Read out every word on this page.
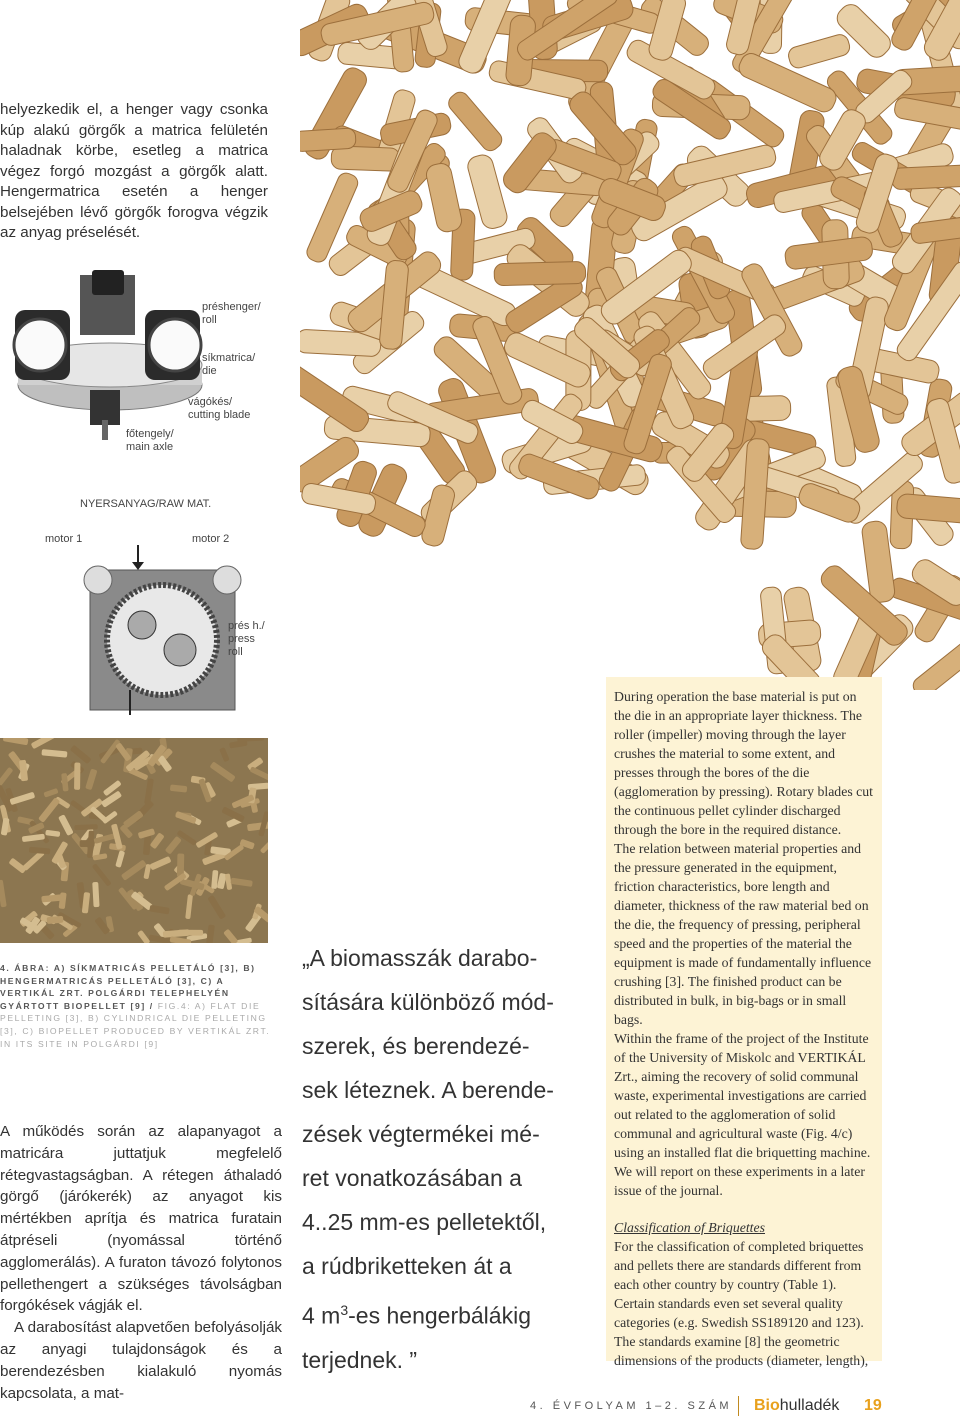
helyezkedik el, a henger vagy csonka kúp alakú görgők a matrica felületén haladnak körbe, esetleg a matrica végez forgó mozgást a görgők alatt. Hengermatrica esetén a henger belsejében lévő görgők forogva végzik az anyag préselését.

préshenger/
roll
síkmatrica/
die
vágókés/
cutting blade
főtengely/
main axle
NYERSANYAG/RAW MAT.
motor 1	motor 2
prés h./
press
roll
4. ÁBRA: A) SÍKMATRICÁS PELLETÁLÓ [3], B) HENGERMATRICÁS PELLETÁLÓ [3], C) A VERTIKÁL ZRT. POLGÁRDI TELEPHELYÉN GYÁRTOTT BIOPELLET [9] / FIG.4: A) FLAT DIE PELLETING [3], B) CYLINDRICAL DIE PELLETING [3], C) BIOPELLET PRODUCED BY VERTIKÁL ZRT. IN ITS SITE IN POLGÁRDI [9]

A működés során az alapanyagot a matricára juttatjuk megfelelő rétegvastagságban. A rétegen áthaladó görgő (járókerék) az anyagot kis mértékben aprítja és matrica furatain átpréseli (nyomással történő agglomerálás). A furaton távozó folytonos pellethengert a szükséges távolságban forgókések vágják el.

A darabosítást alapvetően befolyásolják az anyagi tulajdonságok és a berendezésben kialakuló nyomás kapcsolata, a mat-

„A biomasszák darabo-

sítására különböző mód-

szerek, és berendezé-

sek léteznek. A berende-

zések végtermékei mé-

ret vonatkozásában a

4..25 mm-es pelletektől,

a rúdbriketteken át a

4 $m^3-es$ hengerbálákig

terjednek. ”

During operation the base material is put on the die in an appropriate layer thickness. The roller (impeller) moving through the layer crushes the material to some extent, and presses through the bores of the die (agglomeration by pressing). Rotary blades cut the continuous pellet cylinder discharged through the bore in the required distance.

The relation between material properties and the pressure generated in the equipment, friction characteristics, bore length and diameter, thickness of the raw material bed on the die, the frequency of pressing, peripheral speed and the properties of the material the equipment is made of fundamentally influence crushing [3]. The finished product can be distributed in bulk, in big-bags or in small bags.

Within the frame of the project of the Institute of the University of Miskolc and VERTIKÁL Zrt., aiming the recovery of solid communal waste, experimental investigations are carried out related to the agglomeration of solid communal and agricultural waste (Fig. 4/c) using an installed flat die briquetting machine. We will report on these experiments in a later issue of the journal.

Classification of Briquettes

For the classification of completed briquettes and pellets there are standards different from each other country by country (Table 1).

Certain standards even set several quality categories (e.g. Swedish SS189120 and 123).

The standards examine [8] the geometric dimensions of the products (diameter, length),

4. ÉVFOLYAM 1–2. SZÁM Biohulladék 19
